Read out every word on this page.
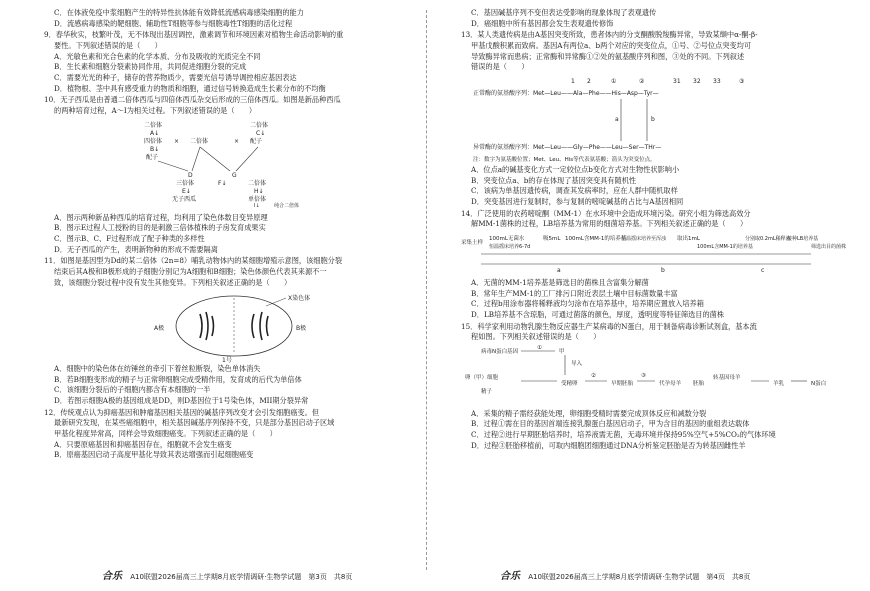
C．在体液免疫中浆细胞产生的特异性抗体能有效降低流感病毒感染细胞的能力

D．流感病毒感染的靶细胞、辅助性T细胞等参与细胞毒性T细胞的活化过程

9．春华秋实，枝繁叶茂，无不体现出基因调控，激素调节和环境因素对植物生命活动影响的重

要性。下列叙述错误的是（　　）

A．光敏色素和光合色素的化学本质、分布及吸收的光质完全不同

B．生长素和细胞分裂素协同作用，共同促进细胞分裂的完成

C．需要光光的种子，储存的营养物质少，需要光信号诱导调控相应基因表达

D．植物根、茎中具有感受重力的物质和细胞，通过信号转换造成生长素分布的不均衡

10．无子西瓜是由普通二倍体西瓜与四倍体西瓜杂交后形成的三倍体西瓜。如图是新品种西瓜

的两种培育过程，A～I为相关过程。下列叙述错误的是（　　）

二倍体
A↓
四倍体
B↓
配子
× 二倍体	×
二倍体
C↓
配子
D	G
三倍体
E↓
无子西瓜
F↓	二倍体
H↓
单倍体
I↓	纯合二倍体

A．图示两种新品种西瓜的培育过程，均利用了染色体数目变异原理

B．图示E过程人工授粉的目的是刺激三倍体植株的子房发育成果实

C．图示B、C、F过程形成了配子种类的多样性

D．无子西瓜的产生，表明新物种的形成不需要隔离

11．如图是基因型为Dd的某二倍体（2n=8）哺乳动物体内的某细胞增殖示意图，该细胞分裂

结束后其A极和B极形成的子细胞分别记为A细胞和B细胞；染色体颜色代表其来源不一

致，该细胞分裂过程中没有发生其他变异。下列相关叙述正确的是（　　）

X染色体
A极	B极
1号

A．细胞中的染色体在纺锤丝的牵引下着丝粒断裂，染色单体消失

B．若B细胞变形成的精子与正常卵细胞完成受精作用，发育成的后代为单倍体

C．该细胞分裂后的子细胞内都含有本细胞的一半

D．若图示细胞A极的基因组成是DD，则D基因位于1号染色体，MII期分裂异常

12．传统观点认为抑癌基因和肿瘤基因相关基因的碱基序列改变才会引发细胞癌变。但

最新研究发现，在某些癌细胞中，相关基因碱基序列保持不变，只是部分基因启动子区域

甲基化程度异常高，同样会导致细胞癌变。下列叙述正确的是（　　）

A．只要原癌基因和抑癌基因存在，细胞就不会发生癌变

B．原癌基因启动子高度甲基化导致其表达增强而引起细胞癌变

合乐 A10联盟2026届高三上学期8月底学情调研·生物学试题　第3页　共8页

C．基因碱基序列不变但表达受影响的现象体现了表观遗传

D．癌细胞中所有基因都会发生表观遗传修饰

13．某人类遗传病是由A基因突变所致，患者体内的分支酮酸脱羧酶异常，导致某缬中α-酮-β-

甲基戊酸积累而致病。基因A有两位a、b两个对应的突变位点，①号、②号位点突变均可

导致酶异常而患病；正常酶和异常酶①②处的氨基酸序列和图，③处的不同。下列叙述

错误的是（　　）

1 2	①	②	31 32 33	③
正常酶的氨基酸序列：Met—Leu——Ala—Phe——His—Asp—Tyr—
a	b
异常酶的氨基酸序列：Met—Leu——Gly—Phe——Leu—Ser—THr—
注：数字为氨基酸位置；Met、Leu、His等代表氨基酸；箭头为突变位点。

A．位点a的碱基变化方式一定较位点b变化方式对生物性状影响小

B．突变位点a、b的存在体现了基因突变具有随机性

C．该病为单基因遗传病，调查其发病率时，应在人群中随机取样

D．突变基因进行复制时，参与复制的嘧啶碱基的占比与A基因相同

14．广泛使用的农药嘧啶酮（MM-1）在水环境中会造成环境污染。研究小组为筛选高效分

解MM-1菌株的过程，LB培养基为常用的细菌培养基。下列相关叙述正确的是（　　）

采集土样
100mL无菌水
恒温摇床培养6-7d
吸5mL 100mL含MM-1的培养基
恒温摇床培养至浑浊 取出1mL
100mL含MM-1的培养基
分别取0.2mL稀释液
接种LB培养基
筛选出目的菌株
a	b	c

A．无菌的MM-1培养基是筛选目的菌株且含富集分解菌

B．常年生产MM-1的工厂排污口附近表层土壤中目标菌数量丰富

C．过程b用涂布器将稀释液均匀涂布在培养基中，培养期应置放入培养箱

D．LB培养基不含琼脂，可通过菌落的颜色，厚度，透明度等特征筛选目的菌株

15．科学家利用动物乳腺生物反应器生产某病毒的N蛋白，用于制备病毒诊断试剂盒，基本流

程如图。下列相关叙述错误的是（　　）

病毒N蛋白基因	甲
导入
卵（甲）细胞
精子
受精卵	早期胚胎	代孕母羊 胚胎
转基因母羊
羊乳	N蛋白
①
②	③

A．采集的精子需经获能处理，卵细胞受精时需要完成顶体反应和减数分裂

B．过程①需在目的基因首端连接乳腺蛋白基因启动子，甲为含目的基因的重组表达载体

C．过程②进行早期胚胎培养时，培养液需无菌，无毒环境并保持95%空气+5%CO₂的气体环境

D．过程③胚胎移植前，可取内细胞团细胞通过DNA分析鉴定胚胎是否为转基因雌性羊

合乐 A10联盟2026届高三上学期8月底学情调研·生物学试题　第4页　共8页
